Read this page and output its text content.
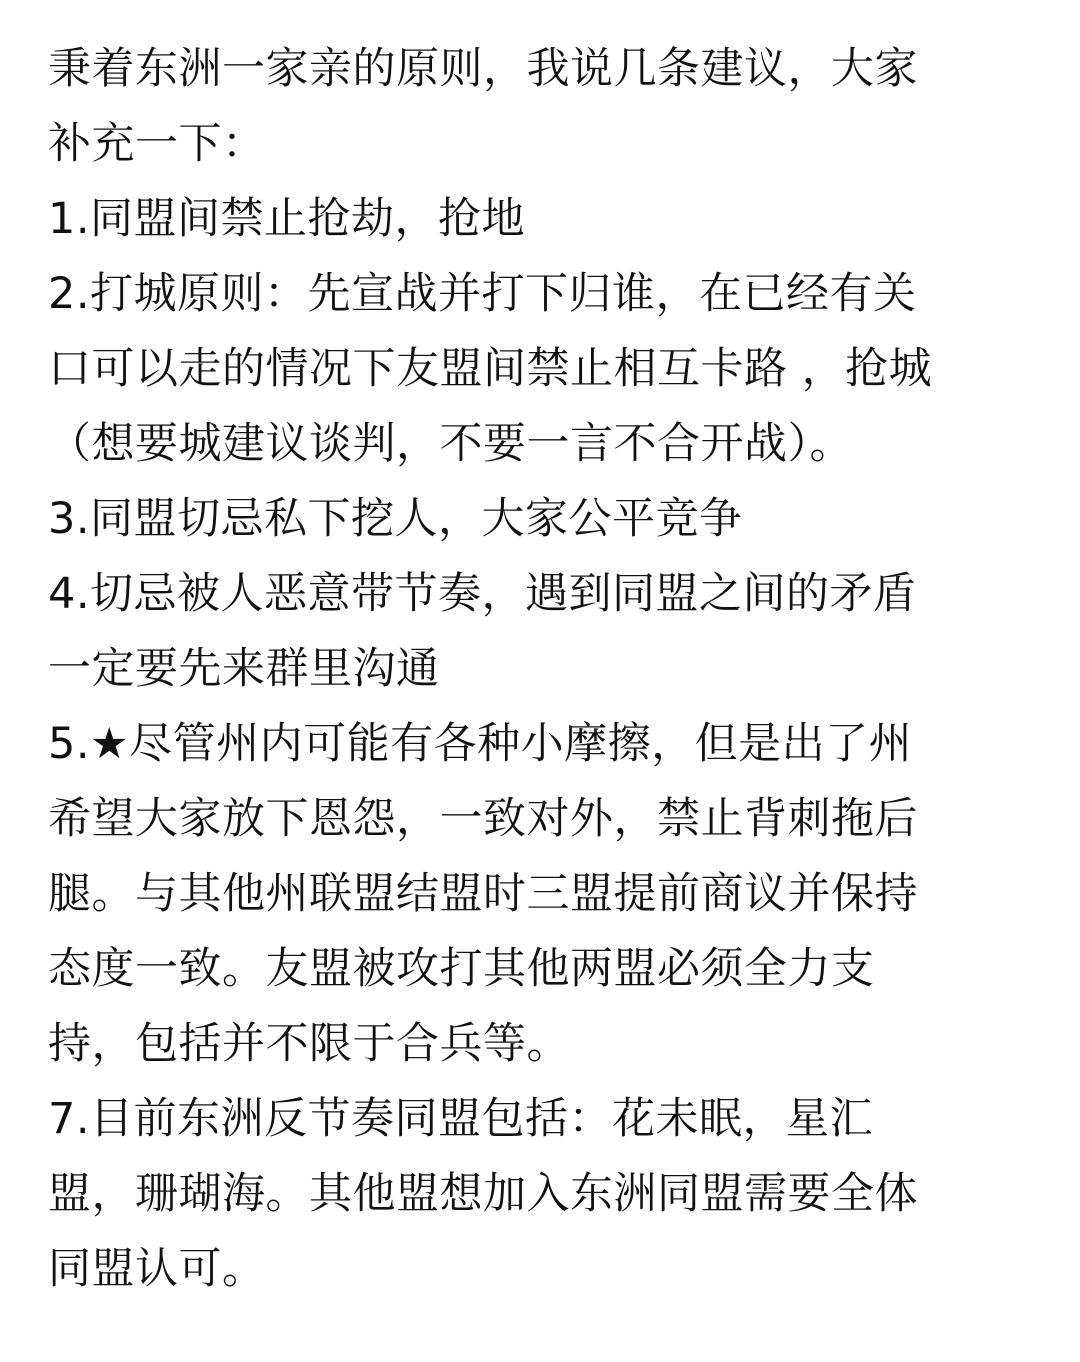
秉着东洲一家亲的原则，我说几条建议，大家
补充一下：
1.同盟间禁止抢劫，抢地
2.打城原则：先宣战并打下归谁，在已经有关
口可以走的情况下友盟间禁止相互卡路 ，抢城
（想要城建议谈判，不要一言不合开战）。
3.同盟切忌私下挖人，大家公平竞争
4.切忌被人恶意带节奏，遇到同盟之间的矛盾
一定要先来群里沟通
5.★尽管州内可能有各种小摩擦，但是出了州
希望大家放下恩怨，一致对外，禁止背刺拖后
腿。与其他州联盟结盟时三盟提前商议并保持
态度一致。友盟被攻打其他两盟必须全力支
持，包括并不限于合兵等。
7.目前东洲反节奏同盟包括：花未眠，星汇
盟，珊瑚海。其他盟想加入东洲同盟需要全体
同盟认可。
